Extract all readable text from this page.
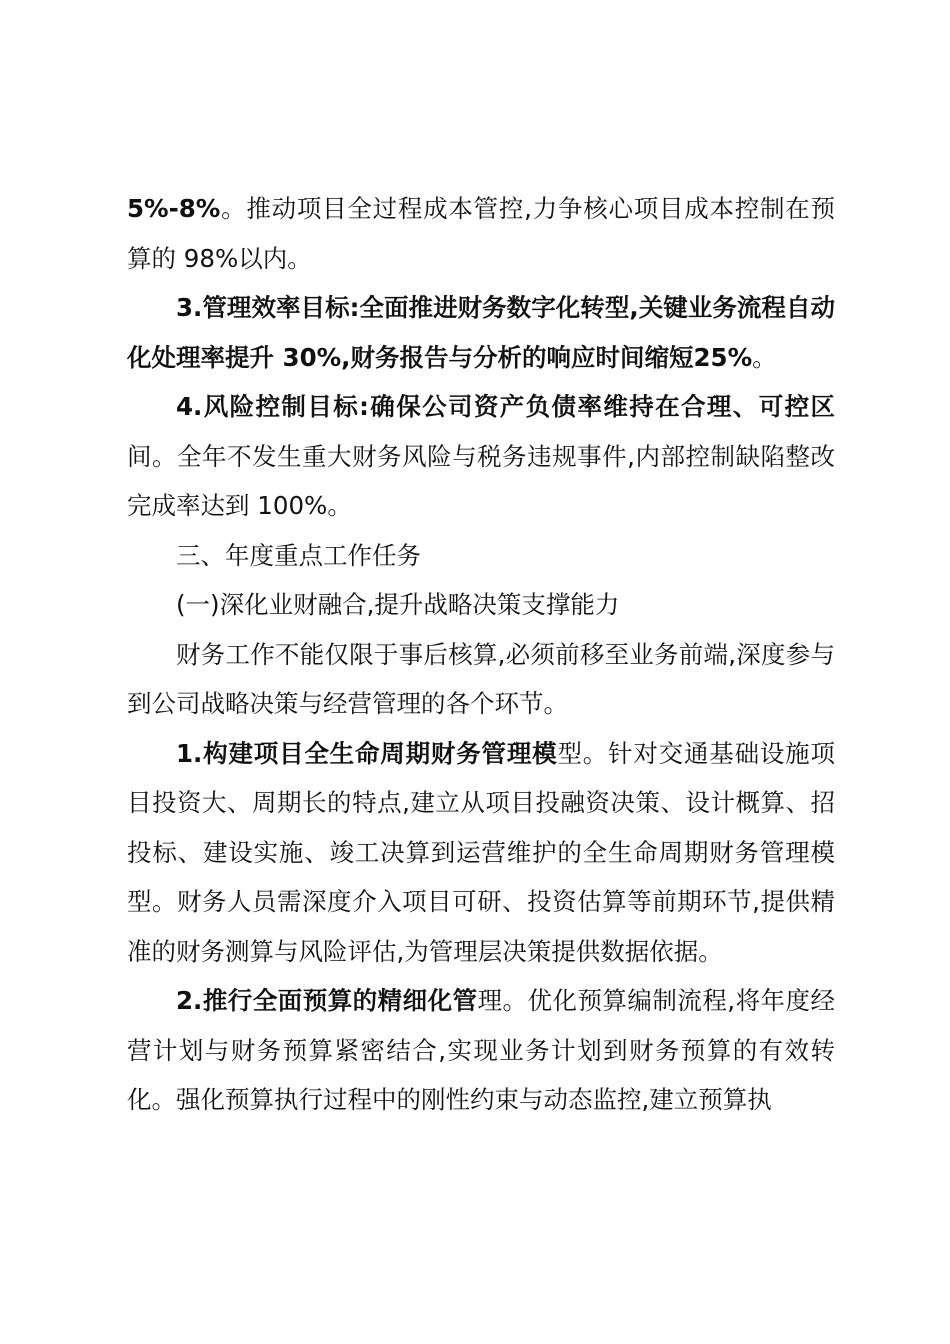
5%-8%。推动项目全过程成本管控,力争核心项目成本控制在预算的 98%以内。

3.管理效率目标:全面推进财务数字化转型,关键业务流程自动化处理率提升 30%,财务报告与分析的响应时间缩短25%。

4.风险控制目标:确保公司资产负债率维持在合理、可控区间。全年不发生重大财务风险与税务违规事件,内部控制缺陷整改完成率达到 100%。

三、年度重点工作任务

(一)深化业财融合,提升战略决策支撑能力

财务工作不能仅限于事后核算,必须前移至业务前端,深度参与到公司战略决策与经营管理的各个环节。

1.构建项目全生命周期财务管理模型。针对交通基础设施项目投资大、周期长的特点,建立从项目投融资决策、设计概算、招投标、建设实施、竣工决算到运营维护的全生命周期财务管理模型。财务人员需深度介入项目可研、投资估算等前期环节,提供精准的财务测算与风险评估,为管理层决策提供数据依据。

2.推行全面预算的精细化管理。优化预算编制流程,将年度经营计划与财务预算紧密结合,实现业务计划到财务预算的有效转化。强化预算执行过程中的刚性约束与动态监控,建立预算执
